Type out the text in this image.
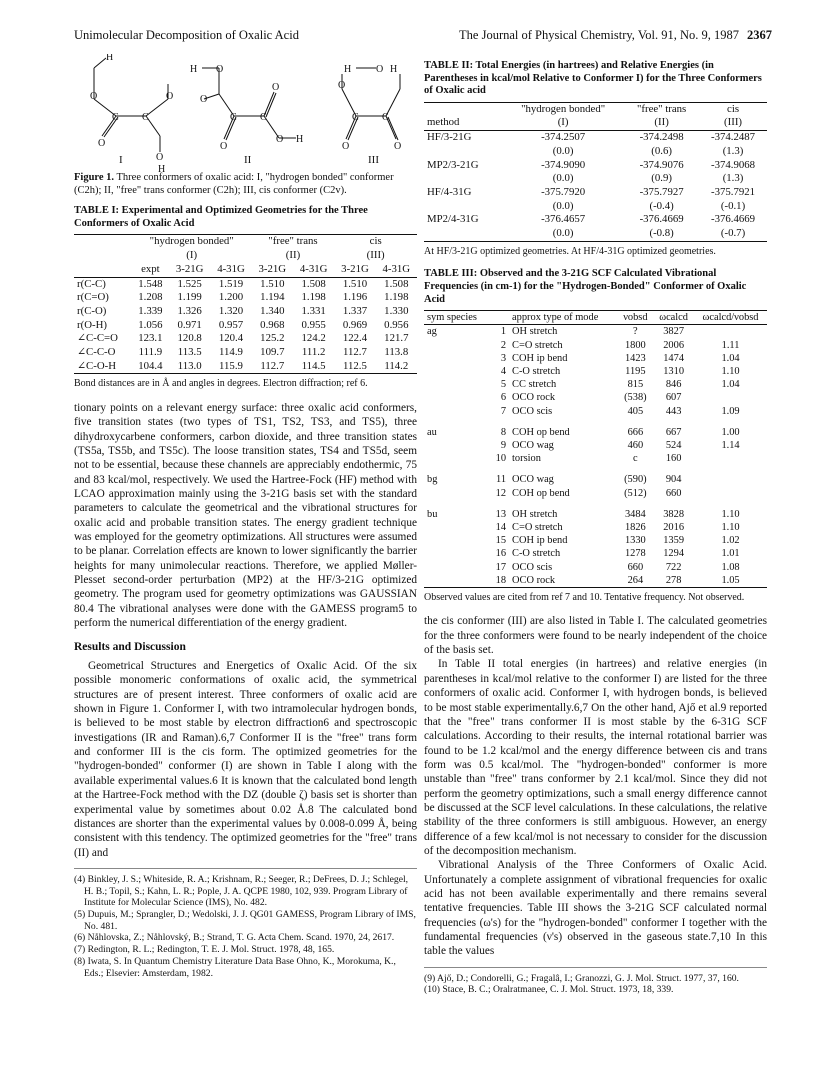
Unimolecular Decomposition of Oxalic Acid	The Journal of Physical Chemistry, Vol. 91, No. 9, 1987 2367
H
O
C C
O
O
O
H
H O
O
C C
O
O
O H
H O H
O
C C
O	O
I	II	III
Figure 1. Three conformers of oxalic acid: I, "hydrogen bonded" conformer (C2h); II, "free" trans conformer (C2h); III, cis conformer (C2v).
TABLE I: Experimental and Optimized Geometries for the Three Conformers of Oxalic Acid
	"hydrogen bonded"			"free" trans		cis	
	(I)			(II)		(III)	
	expt	3-21G	4-31G	3-21G	4-31G	3-21G	4-31G
r(C-C)	1.548	1.525	1.519	1.510	1.508	1.510	1.508
r(C=O)	1.208	1.199	1.200	1.194	1.198	1.196	1.198
r(C-O)	1.339	1.326	1.320	1.340	1.331	1.337	1.330
r(O-H)	1.056	0.971	0.957	0.968	0.955	0.969	0.956
∠C-C=O	123.1	120.8	120.4	125.2	124.2	122.4	121.7
∠C-C-O	111.9	113.5	114.9	109.7	111.2	112.7	113.8
∠C-O-H	104.4	113.0	115.9	112.7	114.5	112.5	114.2
Bond distances are in Å and angles in degrees. Electron diffraction; ref 6.

tionary points on a relevant energy surface: three oxalic acid conformers, five transition states (two types of TS1, TS2, TS3, and TS5), three dihydroxycarbene conformers, carbon dioxide, and three transition states (TS5a, TS5b, and TS5c). The loose transition states, TS4 and TS5d, seem not to be essential, because these channels are appreciably endothermic, 75 and 83 kcal/mol, respectively. We used the Hartree-Fock (HF) method with LCAO approximation mainly using the 3-21G basis set with the standard parameters to calculate the geometrical and the vibrational structures for oxalic acid and probable transition states. The energy gradient technique was employed for the geometry optimizations. All structures were assumed to be planar. Correlation effects are known to lower significantly the barrier heights for many unimolecular reactions. Therefore, we applied Møller-Plesset second-order perturbation (MP2) at the HF/3-21G optimized geometry. The program used for geometry optimizations was GAUSSIAN 80.4 The vibrational analyses were done with the GAMESS program5 to perform the numerical differentiation of the energy gradient.

Results and Discussion

Geometrical Structures and Energetics of Oxalic Acid. Of the six possible monomeric conformations of oxalic acid, the symmetrical structures are of present interest. Three conformers of oxalic acid are shown in Figure 1. Conformer I, with two intramolecular hydrogen bonds, is believed to be most stable by electron diffraction6 and spectroscopic investigations (IR and Raman).6,7 Conformer II is the "free" trans form and conformer III is the cis form. The optimized geometries for the "hydrogen-bonded" conformer (I) are shown in Table I along with the available experimental values.6 It is known that the calculated bond length at the Hartree-Fock method with the DZ (double ζ) basis set is shorter than experimental value by sometimes about 0.02 Å.8 The calculated bond distances are shorter than the experimental values by 0.008-0.099 Å, being consistent with this tendency. The optimized geometries for the "free" trans (II) and

(4) Binkley, J. S.; Whiteside, R. A.; Krishnam, R.; Seeger, R.; DeFrees, D. J.; Schlegel, H. B.; Topil, S.; Kahn, L. R.; Pople, J. A. QCPE 1980, 102, 939. Program Library of Institute for Molecular Science (IMS), No. 482.
(5) Dupuis, M.; Sprangler, D.; Wedolski, J. J. QG01 GAMESS, Program Library of IMS, No. 481.
(6) Nåhlovska, Z.; Nåhlovský, B.; Strand, T. G. Acta Chem. Scand. 1970, 24, 2617.
(7) Redington, R. L.; Redington, T. E. J. Mol. Struct. 1978, 48, 165.
(8) Iwata, S. In Quantum Chemistry Literature Data Base Ohno, K., Morokuma, K., Eds.; Elsevier: Amsterdam, 1982.
TABLE II: Total Energies (in hartrees) and Relative Energies (in Parentheses in kcal/mol Relative to Conformer I) for the Three Conformers of Oxalic acid
	"hydrogen bonded"	"free" trans	cis
method	(I)	(II)	(III)
HF/3-21G	-374.2507	-374.2498	-374.2487
	(0.0)	(0.6)	(1.3)
MP2/3-21G	-374.9090	-374.9076	-374.9068
	(0.0)	(0.9)	(1.3)
HF/4-31G	-375.7920	-375.7927	-375.7921
	(0.0)	(-0.4)	(-0.1)
MP2/4-31G	-376.4657	-376.4669	-376.4669
	(0.0)	(-0.8)	(-0.7)
At HF/3-21G optimized geometries. At HF/4-31G optimized geometries.
TABLE III: Observed and the 3-21G SCF Calculated Vibrational Frequencies (in cm-1) for the "Hydrogen-Bonded" Conformer of Oxalic Acid
sym species		approx type of mode	νobsd	ωcalcd	ωcalcd/νobsd

ag	1	OH stretch	?	3827	
	2	C=O stretch	1800	2006	1.11
	3	COH ip bend	1423	1474	1.04
	4	C-O stretch	1195	1310	1.10
	5	CC stretch	815	846	1.04
	6	OCO rock	(538)	607	
	7	OCO scis	405	443	1.09
au	8	COH op bend	666	667	1.00
	9	OCO wag	460	524	1.14
	10	torsion	c	160	
bg	11	OCO wag	(590)	904	
	12	COH op bend	(512)	660	
bu	13	OH stretch	3484	3828	1.10
	14	C=O stretch	1826	2016	1.10
	15	COH ip bend	1330	1359	1.02
	16	C-O stretch	1278	1294	1.01
	17	OCO scis	660	722	1.08
	18	OCO rock	264	278	1.05
Observed values are cited from ref 7 and 10. Tentative frequency. Not observed.

the cis conformer (III) are also listed in Table I. The calculated geometries for the three conformers were found to be nearly independent of the choice of the basis set.

In Table II total energies (in hartrees) and relative energies (in parentheses in kcal/mol relative to the conformer I) are listed for the three conformers of oxalic acid. Conformer I, with hydrogen bonds, is believed to be most stable experimentally.6,7 On the other hand, Ajő et al.9 reported that the "free" trans conformer II is most stable by the 6-31G SCF calculations. According to their results, the internal rotational barrier was found to be 1.2 kcal/mol and the energy difference between cis and trans form was 0.5 kcal/mol. The "hydrogen-bonded" conformer is more unstable than "free" trans conformer by 2.1 kcal/mol. Since they did not perform the geometry optimizations, such a small energy difference cannot be discussed at the SCF level calculations. In these calculations, the relative stability of the three conformers is still ambiguous. However, an energy difference of a few kcal/mol is not necessary to consider for the discussion of the decomposition mechanism.

Vibrational Analysis of the Three Conformers of Oxalic Acid. Unfortunately a complete assignment of vibrational frequencies for oxalic acid has not been available experimentally and there remains several tentative frequencies. Table III shows the 3-21G SCF calculated normal frequencies (ω's) for the "hydrogen-bonded" conformer I together with the fundamental frequencies (ν's) observed in the gaseous state.7,10 In this table the values

(9) Ajő, D.; Condorelli, G.; Fragalâ, I.; Granozzi, G. J. Mol. Struct. 1977, 37, 160.
(10) Stace, B. C.; Oralratmanee, C. J. Mol. Struct. 1973, 18, 339.
